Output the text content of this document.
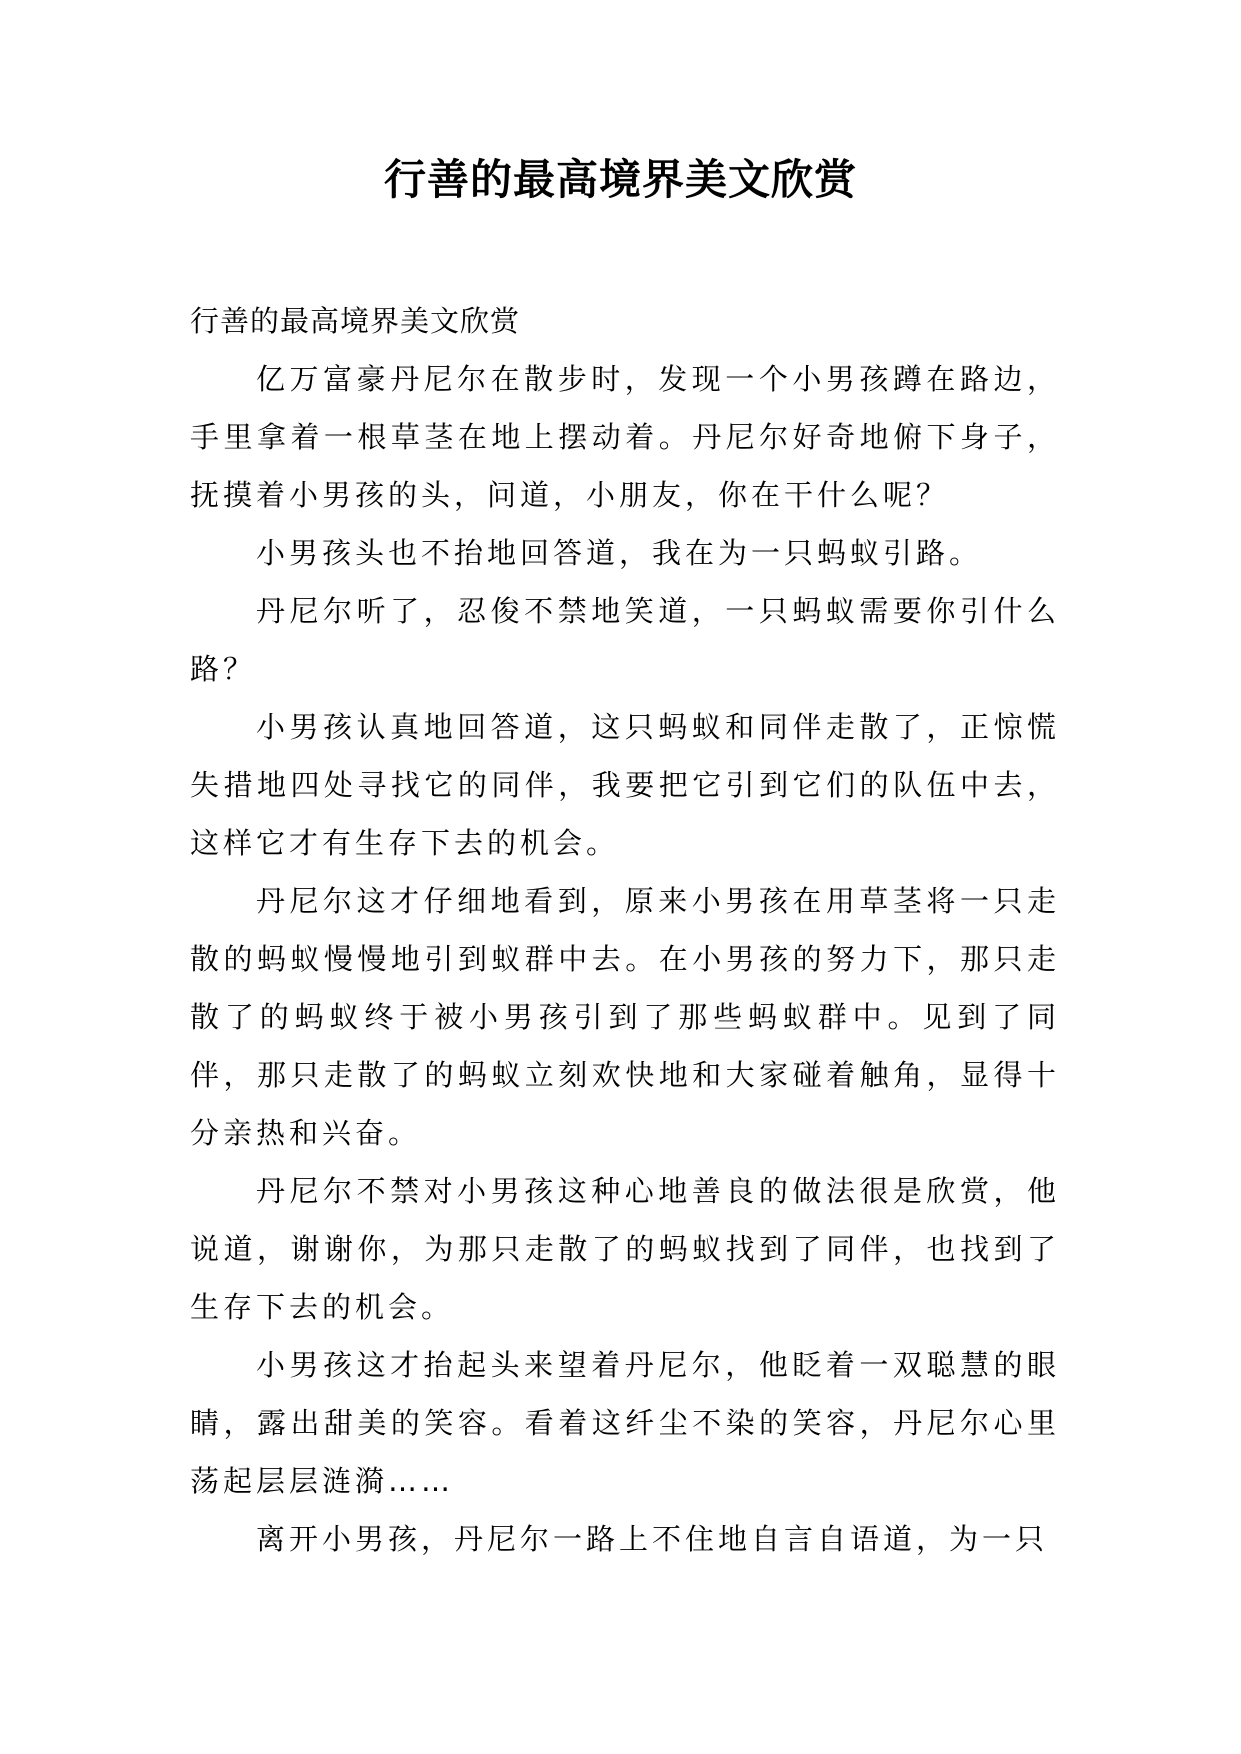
行善的最高境界美文欣赏

行善的最高境界美文欣赏

亿万富豪丹尼尔在散步时，发现一个小男孩蹲在路边，手里拿着一根草茎在地上摆动着。丹尼尔好奇地俯下身子，抚摸着小男孩的头，问道，小朋友，你在干什么呢？

小男孩头也不抬地回答道，我在为一只蚂蚁引路。

丹尼尔听了，忍俊不禁地笑道，一只蚂蚁需要你引什么路？

小男孩认真地回答道，这只蚂蚁和同伴走散了，正惊慌失措地四处寻找它的同伴，我要把它引到它们的队伍中去，这样它才有生存下去的机会。

丹尼尔这才仔细地看到，原来小男孩在用草茎将一只走散的蚂蚁慢慢地引到蚁群中去。在小男孩的努力下，那只走散了的蚂蚁终于被小男孩引到了那些蚂蚁群中。见到了同伴，那只走散了的蚂蚁立刻欢快地和大家碰着触角，显得十分亲热和兴奋。

丹尼尔不禁对小男孩这种心地善良的做法很是欣赏，他说道，谢谢你，为那只走散了的蚂蚁找到了同伴，也找到了生存下去的机会。

小男孩这才抬起头来望着丹尼尔，他眨着一双聪慧的眼睛，露出甜美的笑容。看着这纤尘不染的笑容，丹尼尔心里荡起层层涟漪……

离开小男孩，丹尼尔一路上不住地自言自语道，为一只
